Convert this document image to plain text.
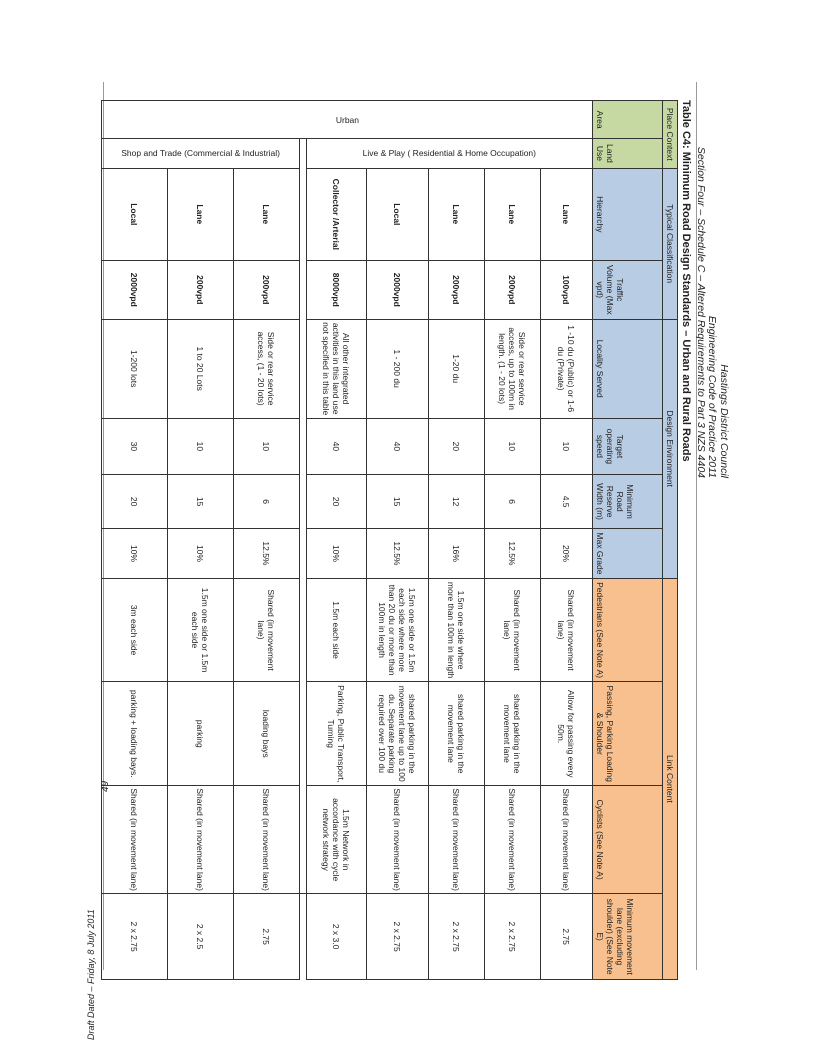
Hastings District Council
Engineering Code of Practice 2011
Section Four – Schedule C – Altered Requirements to Part 3 NZS 4404
Draft Dated – Friday, 8 July 2011
49
Table C4: Minimum Road Design Standards – Urban and Rural Roads
Place Context		Typical Classification		Design Environment				Link Content			
Area	Land Use	Hierarchy	Traffic Volume (Max vpd)	Locality Served	Target operating speed	Minimum Road Reserve Width (m)	Max Grade	Pedestrians (See Note A)	Passing, Parking Loading & Shoulder	Cyclists (See Note A)	Minimum movement lane (excluding shoulder) (See Note E)

Urban	Live & Play ( Residential & Home Occupation)	Lane	100vpd	1 -10 du (Public) or 1-6 du (Private)	10	4.5	20%	Shared (in movement lane)	Allow for passing every 50m.	Shared (in movement lane)	2.75
		Lane	200vpd	Side or rear service access, up to 100m in length. (1 - 20 lots)	10	6	12.5%	Shared (in movement lane)	shared parking in the movement lane	Shared (in movement lane)	2 x 2.75
		Lane	200vpd	1-20 du	20	12	16%	1.5m one side where more than 100m in length	shared parking in the movement lane	Shared (in movement lane)	2 x 2.75
		Local	2000vpd	1 - 200 du	40	15	12.5%	1.5m one side or 1.5m each side where more than 20 du or more than 100m in length	shared parking in the movement lane up to 100 du. Separate parking required over 100 du	Shared (in movement lane)	2 x 2.75
		Collector /Arterial	8000vpd	All other integrated activities in this land use not specified in this table	40	20	10%	1.5m each side	Parking, Public Transport, Turning	1.5m Network in accordance with cycle network strategy	2 x 3.0

	Shop and Trade (Commercial & Industrial)	Lane	200vpd	Side or rear service access, (1 - 20 lots)	10	6	12.5%	Shared (in movement lane)	loading bays	Shared (in movement lane)	2.75
		Lane	200vpd	1 to 20 Lots	10	15	10%	1.5m one side or 1.5m each side	parking	Shared (in movement lane)	2 x 2.5
		Local	2000vpd	1-200 lots	30	20	10%	3m each side	parking + loading bays.	Shared (in movement lane)	2 x 2.75
